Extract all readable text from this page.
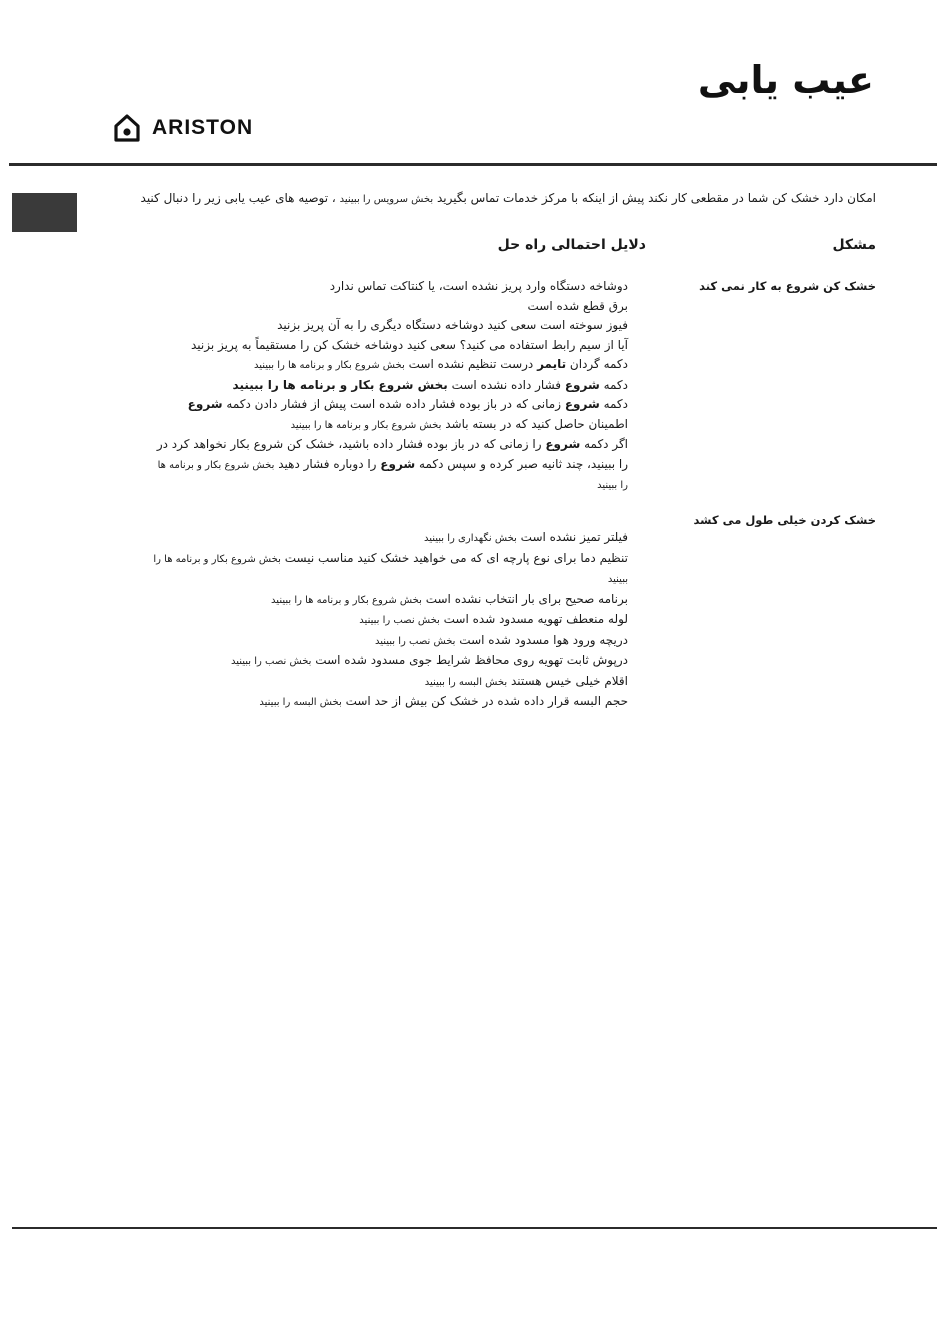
عیب یابی
ARISTON
امکان دارد خشک کن شما در مقطعی کار نکند پیش از اینکه با مرکز خدمات تماس بگیرید بخش سرویس را ببینید ، توصیه های عیب یابی زیر را دنبال کنید
مشکل
دلایل احتمالی راه حل
خشک کن شروع به کار نمی کند

دوشاخه دستگاه وارد پریز نشده است، یا کنتاکت تماس ندارد

برق قطع شده است

فیوز سوخته است سعی کنید دوشاخه دستگاه دیگری را به آن پریز بزنید

آیا از سیم رابط استفاده می کنید؟ سعی کنید دوشاخه خشک کن را مستقیماً به پریز بزنید

دکمه گردان تایمر درست تنظیم نشده است بخش شروع بکار و برنامه ها را ببینید

دکمه شروع فشار داده نشده است بخش شروع بکار و برنامه ها را ببینید

دکمه شروع زمانی که در باز بوده فشار داده شده است پیش از فشار دادن دکمه شروع اطمینان حاصل کنید که در بسته باشد بخش شروع بکار و برنامه ها را ببینید

اگر دکمه شروع را زمانی که در باز بوده فشار داده باشید، خشک کن شروع بکار نخواهد کرد در را ببینید، چند ثانیه صبر کرده و سپس دکمه شروع را دوباره فشار دهید بخش شروع بکار و برنامه ها را ببینید

خشک کردن خیلی طول می کشد

فیلتر تمیز نشده است بخش نگهداری را ببینید

تنظیم دما برای نوع پارچه ای که می خواهید خشک کنید مناسب نیست بخش شروع بکار و برنامه ها را ببینید

برنامه صحیح برای بار انتخاب نشده است بخش شروع بکار و برنامه ها را ببینید

لوله منعطف تهویه مسدود شده است بخش نصب را ببینید

دریچه ورود هوا مسدود شده است بخش نصب را ببینید

درپوش ثابت تهویه روی محافظ شرایط جوی مسدود شده است بخش نصب را ببینید

اقلام خیلی خیس هستند بخش البسه را ببینید

حجم البسه قرار داده شده در خشک کن بیش از حد است بخش البسه را ببینید
